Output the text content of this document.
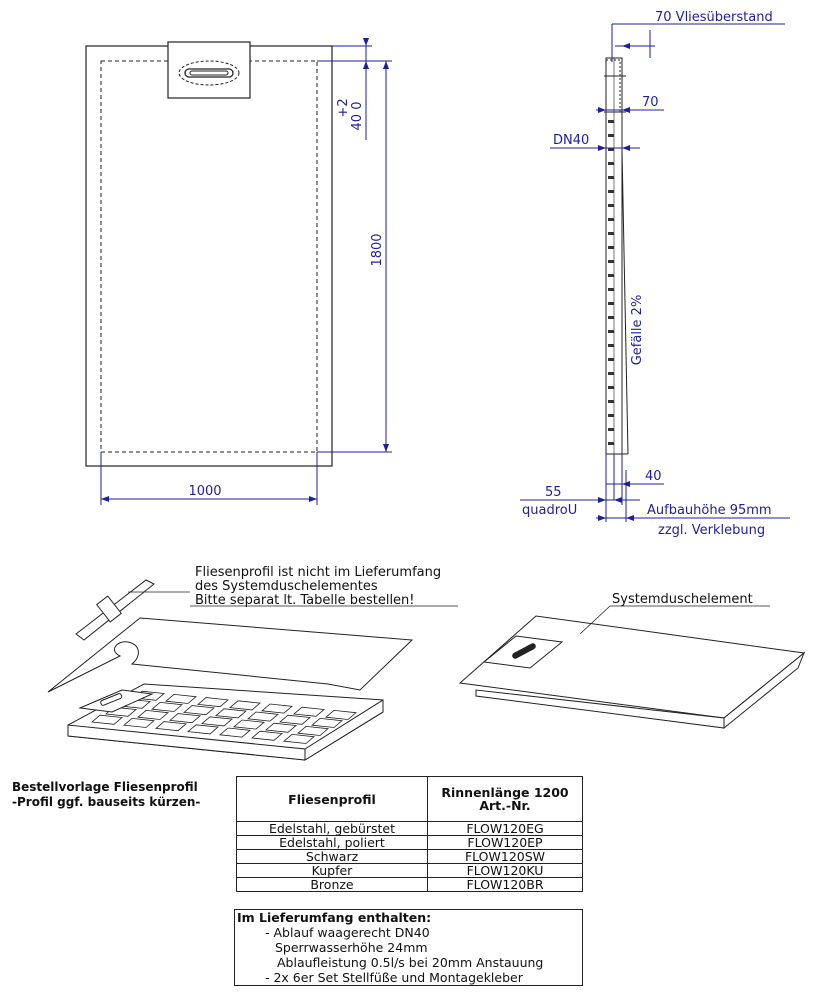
1000
1800
+2 40 0
70 Vliesüberstand
70
DN40
Gefälle 2%
40
55
quadroU	Aufbauhöhe 95mm
zzgl. Verklebung
Fliesenprofil ist nicht im Lieferumfang
des Systemduschelementes
Bitte separat lt. Tabelle bestellen!	Systemduschelement
Bestellvorlage Fliesenprofil
-Profil ggf. bauseits kürzen-	Fliesenprofil	Rinnenlänge 1200
Art.-Nr.

Edelstahl, gebürstet	FLOW120EG
Edelstahl, poliert	FLOW120EP
Schwarz	FLOW120SW
Kupfer	FLOW120KU
Bronze	FLOW120BR
Im Lieferumfang enthalten:
- Ablauf waagerecht DN40
Sperrwasserhöhe 24mm
Ablaufleistung 0.5l/s bei 20mm Anstauung
- 2x 6er Set Stellfüße und Montagekleber
